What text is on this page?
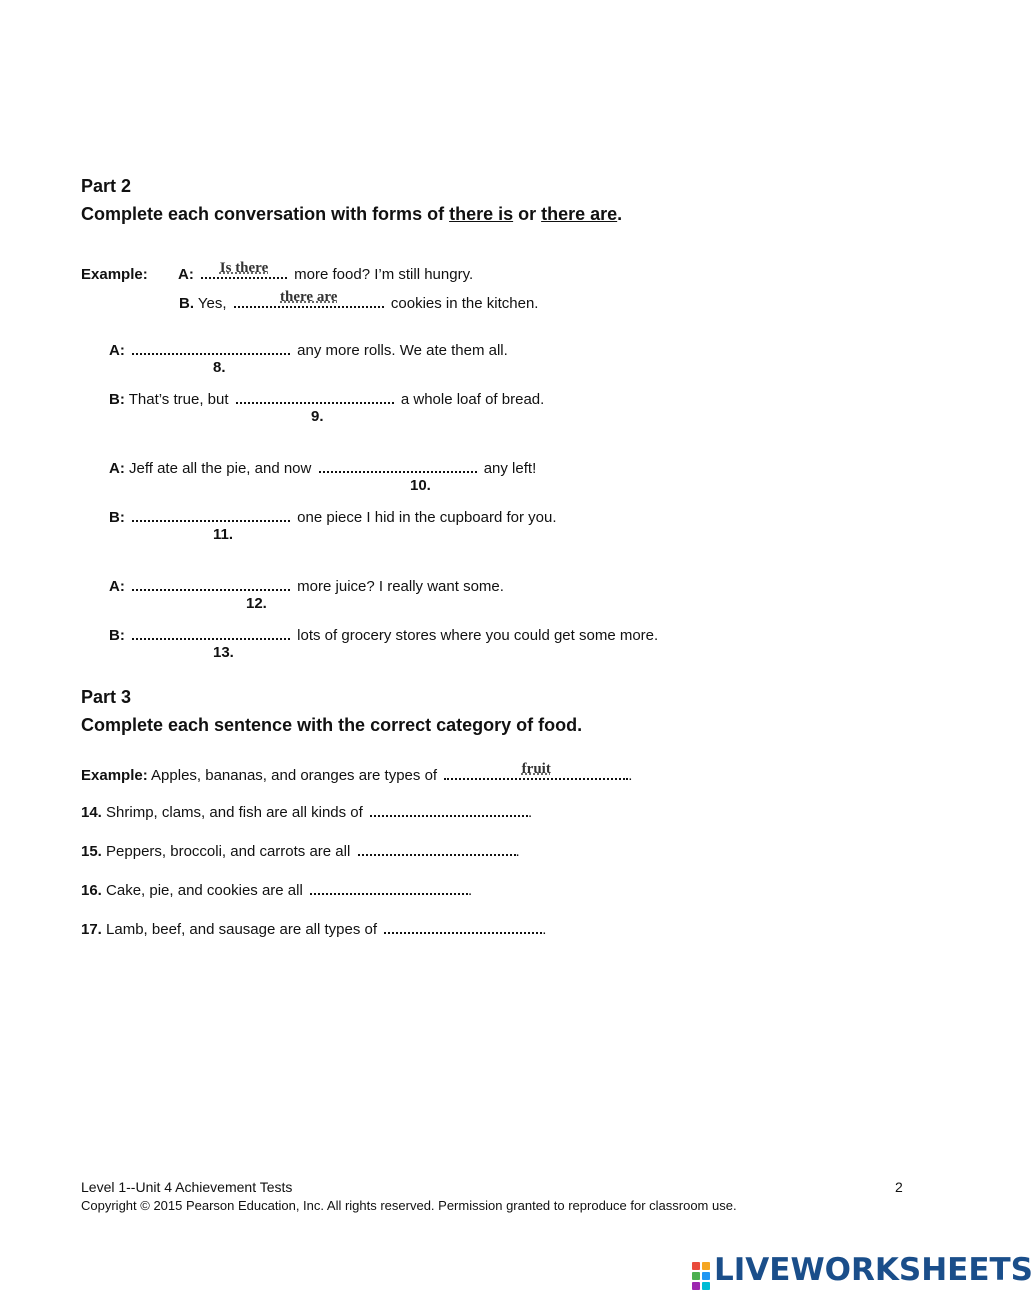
Part 2
Complete each conversation with forms of there is or there are.
Example: A:	Is there	more food? I’m still hungry.
B. Yes,	there are	cookies in the kitchen.
A:	any more rolls. We ate them all.
8.
B: That’s true, but	a whole loaf of bread.
9.
A: Jeff ate all the pie, and now	any left!
10.
B:	one piece I hid in the cupboard for you.
11.
A:	more juice? I really want some.
12.
B:	lots of grocery stores where you could get some more.
13.
Part 3
Complete each sentence with the correct category of food.
Example: Apples, bananas, and oranges are types of	fruit	.
14. Shrimp, clams, and fish are all kinds of	.
15. Peppers, broccoli, and carrots are all	.
16. Cake, pie, and cookies are all	.
17. Lamb, beef, and sausage are all types of	.
Level 1--Unit 4 Achievement Tests	2
Copyright © 2015 Pearson Education, Inc. All rights reserved. Permission granted to reproduce for classroom use.
LIVEWORKSHEETS
